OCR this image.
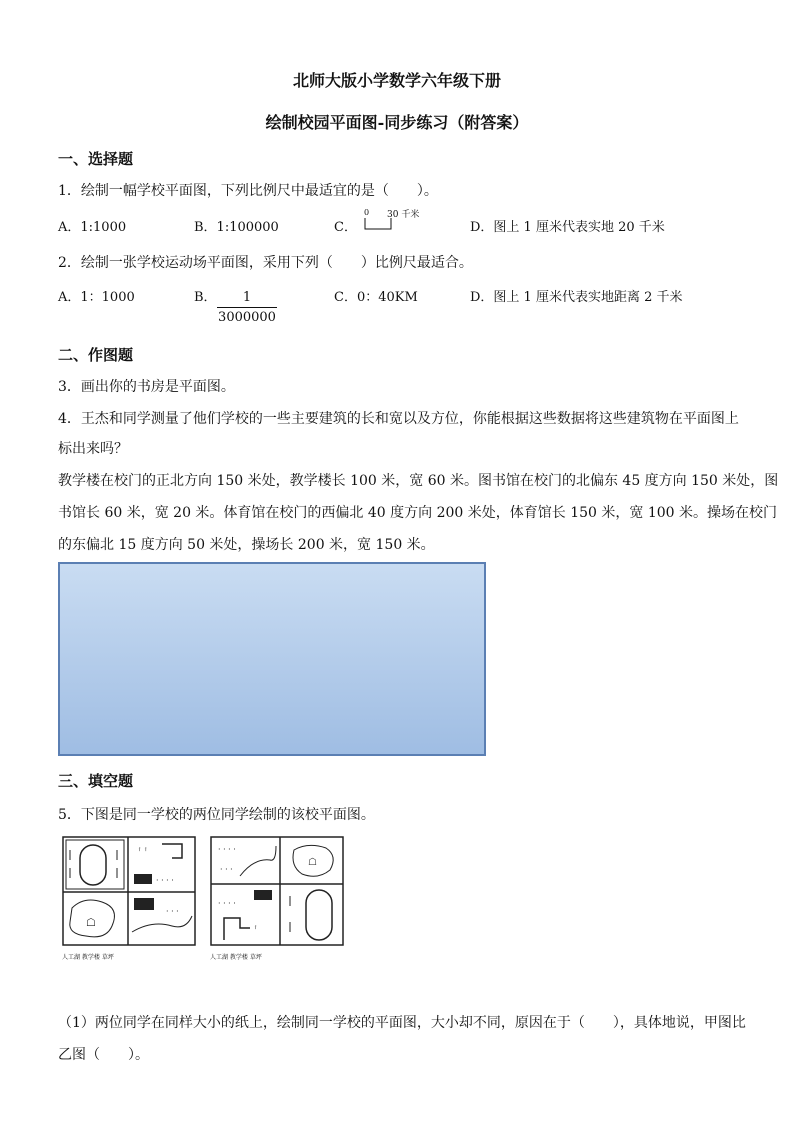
北师大版小学数学六年级下册
绘制校园平面图-同步练习（附答案）
一、选择题
1．绘制一幅学校平面图，下列比例尺中最适宜的是（　　）。
A．1:1000	B．1:100000	C．
0 30 千米
D．图上 1 厘米代表实地 20 千米
2．绘制一张学校运动场平面图，采用下列（　　）比例尺最适合。
A．1：1000	B．	1
3000000
C．0：40KM	D．图上 1 厘米代表实地距离 2 千米
二、作图题
3．画出你的书房是平面图。
4．王杰和同学测量了他们学校的一些主要建筑的长和宽以及方位，你能根据这些数据将这些建筑物在平面图上
标出来吗？
教学楼在校门的正北方向 150 米处，教学楼长 100 米，宽 60 米。图书馆在校门的北偏东 45 度方向 150 米处，图
书馆长 60 米，宽 20 米。体育馆在校门的西偏北 40 度方向 200 米处，体育馆长 150 米，宽 100 米。操场在校门
的东偏北 15 度方向 50 米处，操场长 200 米，宽 150 米。
三、填空题
5．下图是同一学校的两位同学绘制的该校平面图。
ꜛ ꜛ
· · · ·
☖
· · ·
人工湖 教学楼 草坪
· · · ·
· · ·
☖
· · · ·
ꜛ
人工湖 教学楼 草坪
（1）两位同学在同样大小的纸上，绘制同一学校的平面图，大小却不同，原因在于（　　），具体地说，甲图比
乙图（　　）。
